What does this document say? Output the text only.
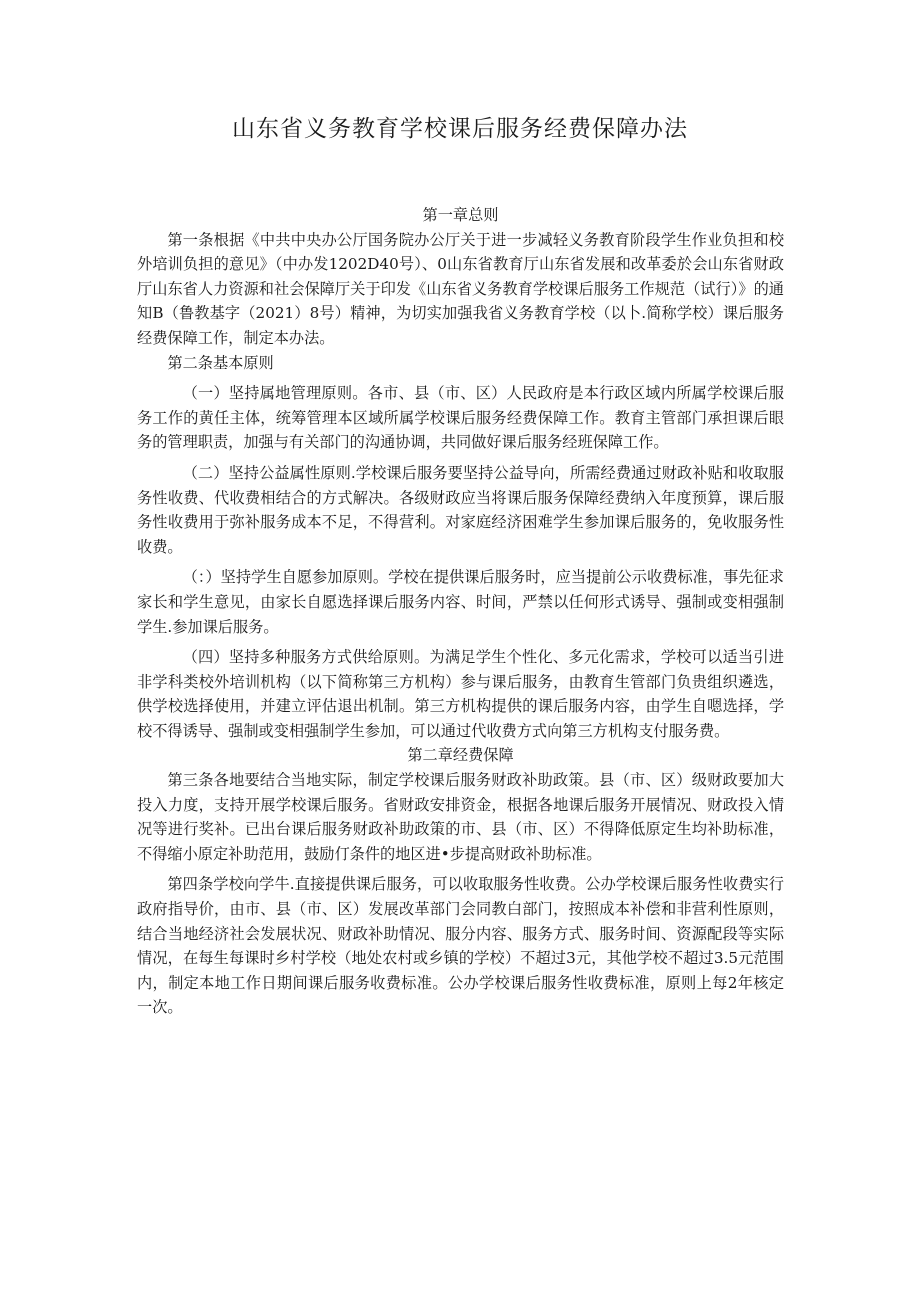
山东省义务教育学校课后服务经费保障办法
第一章总则

第一条根据《中共中央办公厅国务院办公厅关于进一步减轻义务教育阶段学生作业负担和校外培训负担的意见》（中办发1202D40号）、0山东省教育厅山东省发展和改革委於会山东省财政厅山东省人力资源和社会保障厅关于印发《山东省义务教育学校课后服务工作规范（试行）》的通知B（鲁教基字（2021）8号）精神，为切实加强我省义务教育学校（以卜.简称学校）课后服务经费保障工作，制定本办法。

第二条基本原则

（一）坚持属地管理原则。各市、县（市、区）人民政府是本行政区域内所属学校课后服务工作的黄任主体，统筹管理本区域所属学校课后服务经费保障工作。教育主管部门承担课后眼务的管理职责，加强与有关部门的沟通协调，共同做好课后服务经班保障工作。

（二）坚持公益属性原则.学校课后服务要坚持公益导向，所需经费通过财政补贴和收取服务性收费、代收费相结合的方式解决。各级财政应当将课后服务保障经费纳入年度预算，课后服务性收费用于弥补服务成本不足，不得营利。对家庭经济困难学生参加课后服务的，免收服务性收费。

（：）坚持学生自愿参加原则。学校在提供课后服务时，应当提前公示收费标准，事先征求家长和学生意见，由家长自愿选择课后服务内容、时间，严禁以任何形式诱导、强制或变相强制学生.参加课后服务。

（四）坚持多种服务方式供给原则。为满足学生个性化、多元化需求，学校可以适当引进非学科类校外培训机构（以下简称第三方机构）参与课后服务，由教育生管部门负贵组织遴选，供学校选择使用，并建立评估退出机制。第三方机构提供的课后服务内容，由学生自嗯选择，学校不得诱导、强制或变相强制学生参加，可以通过代收费方式向第三方机构支付服务费。

第二章经费保障

第三条各地要结合当地实际，制定学校课后服务财政补助政策。县（市、区）级财政要加大投入力度，支持开展学校课后服务。省财政安排资金，根据各地课后服务开展情况、财政投入情况等进行奖补。已出台课后服务财政补助政策的市、县（市、区）不得降低原定生均补助标准，不得缩小原定补助范用，鼓励仃条件的地区进•步提高财政补助标准。

第四条学校向学牛.直接提供课后服务，可以收取服务性收费。公办学校课后服务性收费实行政府指导价，由市、县（市、区）发展改革部门会同教白部门，按照成本补偿和非营利性原则，结合当地经济社会发展状况、财政补助情况、服分内容、服务方式、服务时间、资源配段等实际情况，在每生每课时乡村学校（地处农村或乡镇的学校）不超过3元，其他学校不超过3.5元范围内，制定本地工作日期间课后服务收费标准。公办学校课后服务性收费标准，原则上每2年核定一次。
